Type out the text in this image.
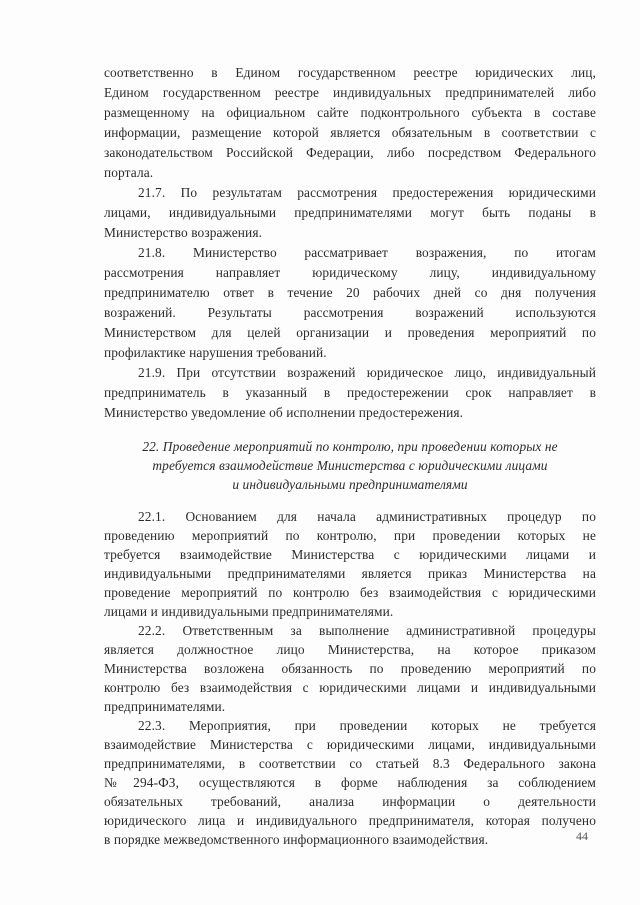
соответственно в Едином государственном реестре юридических лиц,
Едином государственном реестре индивидуальных предпринимателей либо
размещенному на официальном сайте подконтрольного субъекта в составе
информации, размещение которой является обязательным в соответствии с
законодательством Российской Федерации, либо посредством Федерального
портала.
21.7. По результатам рассмотрения предостережения юридическими
лицами, индивидуальными предпринимателями могут быть поданы в
Министерство возражения.
21.8. Министерство рассматривает возражения, по итогам
рассмотрения направляет юридическому лицу, индивидуальному
предпринимателю ответ в течение 20 рабочих дней со дня получения
возражений. Результаты рассмотрения возражений используются
Министерством для целей организации и проведения мероприятий по
профилактике нарушения требований.
21.9. При отсутствии возражений юридическое лицо, индивидуальный
предприниматель в указанный в предостережении срок направляет в
Министерство уведомление об исполнении предостережения.
22. Проведение мероприятий по контролю, при проведении которых не
требуется взаимодействие Министерства с юридическими лицами
и индивидуальными предпринимателями
22.1. Основанием для начала административных процедур по
проведению мероприятий по контролю, при проведении которых не
требуется взаимодействие Министерства с юридическими лицами и
индивидуальными предпринимателями является приказ Министерства на
проведение мероприятий по контролю без взаимодействия с юридическими
лицами и индивидуальными предпринимателями.
22.2. Ответственным за выполнение административной процедуры
является должностное лицо Министерства, на которое приказом
Министерства возложена обязанность по проведению мероприятий по
контролю без взаимодействия с юридическими лицами и индивидуальными
предпринимателями.
22.3. Мероприятия, при проведении которых не требуется
взаимодействие Министерства с юридическими лицами, индивидуальными
предпринимателями, в соответствии со статьей 8.3 Федерального закона
№294-ФЗ, осуществляются в форме наблюдения за соблюдением
обязательных требований, анализа информации о деятельности
юридического лица и индивидуального предпринимателя, которая получено
в порядке межведомственного информационного взаимодействия.	44
